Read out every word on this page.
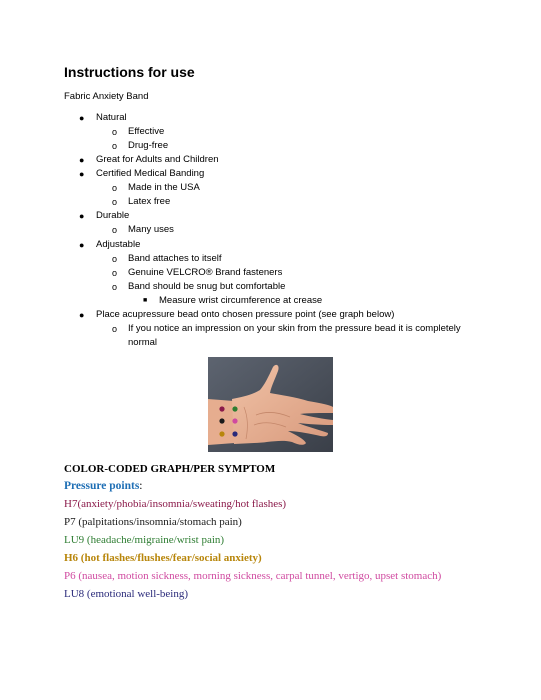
Instructions for use
Fabric Anxiety Band
● Natural
o Effective
o Drug-free
● Great for Adults and Children
● Certified Medical Banding
o Made in the USA
o Latex free
● Durable
o Many uses
● Adjustable
o Band attaches to itself
o Genuine VELCRO® Brand fasteners
o Band should be snug but comfortable
■ Measure wrist circumference at crease
● Place acupressure bead onto chosen pressure point (see graph below)
o If you notice an impression on your skin from the pressure bead it is completely
normal
COLOR-CODED GRAPH/PER SYMPTOM
Pressure points:
H7(anxiety/phobia/insomnia/sweating/hot flashes)
P7 (palpitations/insomnia/stomach pain)
LU9 (headache/migraine/wrist pain)
H6 (hot flashes/flushes/fear/social anxiety)
P6 (nausea, motion sickness, morning sickness, carpal tunnel, vertigo, upset stomach)
LU8 (emotional well-being)
